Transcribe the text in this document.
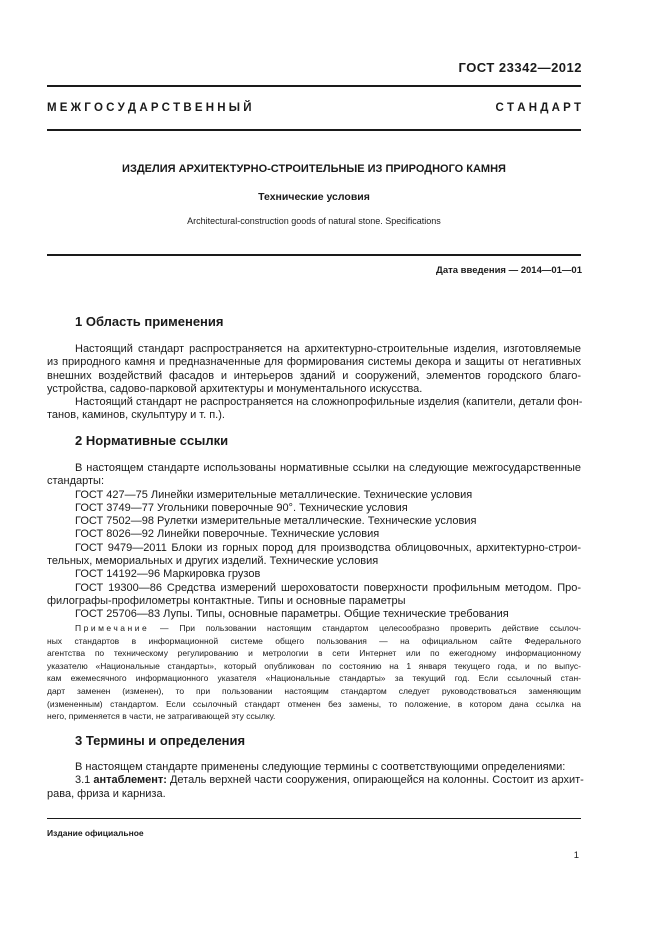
ГОСТ 23342—2012
М Е Ж Г О С У Д А Р С Т В Е Н Н Ы Й	С Т А Н Д А Р Т
ИЗДЕЛИЯ АРХИТЕКТУРНО-СТРОИТЕЛЬНЫЕ ИЗ ПРИРОДНОГО КАМНЯ
Технические условия
Architectural-construction goods of natural stone. Specifications
Дата введения — 2014—01—01
1 Область применения
Настоящий стандарт распространяется на архитектурно-строительные изделия, изготовляемые
из природного камня и предназначенные для формирования системы декора и защиты от негативных
внешних воздействий фасадов и интерьеров зданий и сооружений, элементов городского благо-
устройства, садово-парковой архитектуры и монументального искусства.
Настоящий стандарт не распространяется на сложнопрофильные изделия (капители, детали фон-
танов, каминов, скульптуру и т. п.).
2 Нормативные ссылки
В настоящем стандарте использованы нормативные ссылки на следующие межгосударственные
стандарты:
ГОСТ 427—75 Линейки измерительные металлические. Технические условия
ГОСТ 3749—77 Угольники поверочные 90°. Технические условия
ГОСТ 7502—98 Рулетки измерительные металлические. Технические условия
ГОСТ 8026—92 Линейки поверочные. Технические условия
ГОСТ 9479—2011 Блоки из горных пород для производства облицовочных, архитектурно-строи-
тельных, мемориальных и других изделий. Технические условия
ГОСТ 14192—96 Маркировка грузов
ГОСТ 19300—86 Средства измерений шероховатости поверхности профильным методом. Про-
филографы-профилометры контактные. Типы и основные параметры
ГОСТ 25706—83 Лупы. Типы, основные параметры. Общие технические требования
Примечание — При пользовании настоящим стандартом целесообразно проверить действие ссылоч-
ных стандартов в информационной системе общего пользования — на официальном сайте Федерального
агентства по техническому регулированию и метрологии в сети Интернет или по ежегодному информационному
указателю «Национальные стандарты», который опубликован по состоянию на 1 января текущего года, и по выпус-
кам ежемесячного информационного указателя «Национальные стандарты» за текущий год. Если ссылочный стан-
дарт заменен (изменен), то при пользовании настоящим стандартом следует руководствоваться заменяющим
(измененным) стандартом. Если ссылочный стандарт отменен без замены, то положение, в котором дана ссылка на
него, применяется в части, не затрагивающей эту ссылку.
3 Термины и определения
В настоящем стандарте применены следующие термины с соответствующими определениями:
3.1 антаблемент: Деталь верхней части сооружения, опирающейся на колонны. Состоит из архит-
рава, фриза и карниза.
Издание официальное
1
